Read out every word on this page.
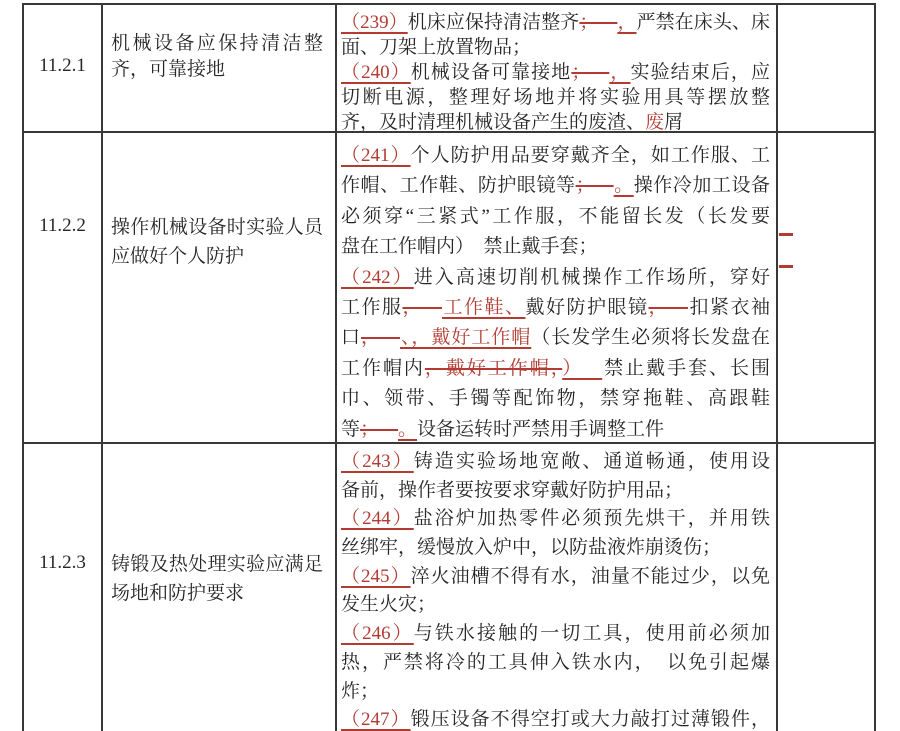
11.2.1
机械设备应保持清洁整
齐，可靠接地
（239）机床应保持清洁整齐； ，严禁在床头、床
面、刀架上放置物品；
（240）机械设备可靠接地； ，实验结束后，应
切断电源，整理好场地并将实验用具等摆放整
齐，及时清理机械设备产生的废渣、废屑
11.2.2	操作机械设备时实验人员
应做好个人防护
（241）个人防护用品要穿戴齐全，如工作服、工
作帽、工作鞋、防护眼镜等； 。操作冷加工设备
必须穿“三紧式”工作服，不能留长发（长发要
盘在工作帽内）　禁止戴手套；
（242）进入高速切削机械操作工作场所，穿好
工作服， 工作鞋、戴好防护眼镜， 扣紧衣袖
口， 、，戴好工作帽（长发学生必须将长发盘在
工作帽内，戴好工作帽，） 禁止戴手套、长围
巾、领带、手镯等配饰物，禁穿拖鞋、高跟鞋
等； 。设备运转时严禁用手调整工件
11.2.3	铸锻及热处理实验应满足
场地和防护要求
（243）铸造实验场地宽敞、通道畅通，使用设
备前，操作者要按要求穿戴好防护用品；
（244）盐浴炉加热零件必须预先烘干，并用铁
丝绑牢，缓慢放入炉中，以防盐液炸崩烫伤；
（245）淬火油槽不得有水，油量不能过少，以免
发生火灾；
（246）与铁水接触的一切工具，使用前必须加
热，严禁将冷的工具伸入铁水内，　以免引起爆
炸；
（247）锻压设备不得空打或大力敲打过薄锻件，
